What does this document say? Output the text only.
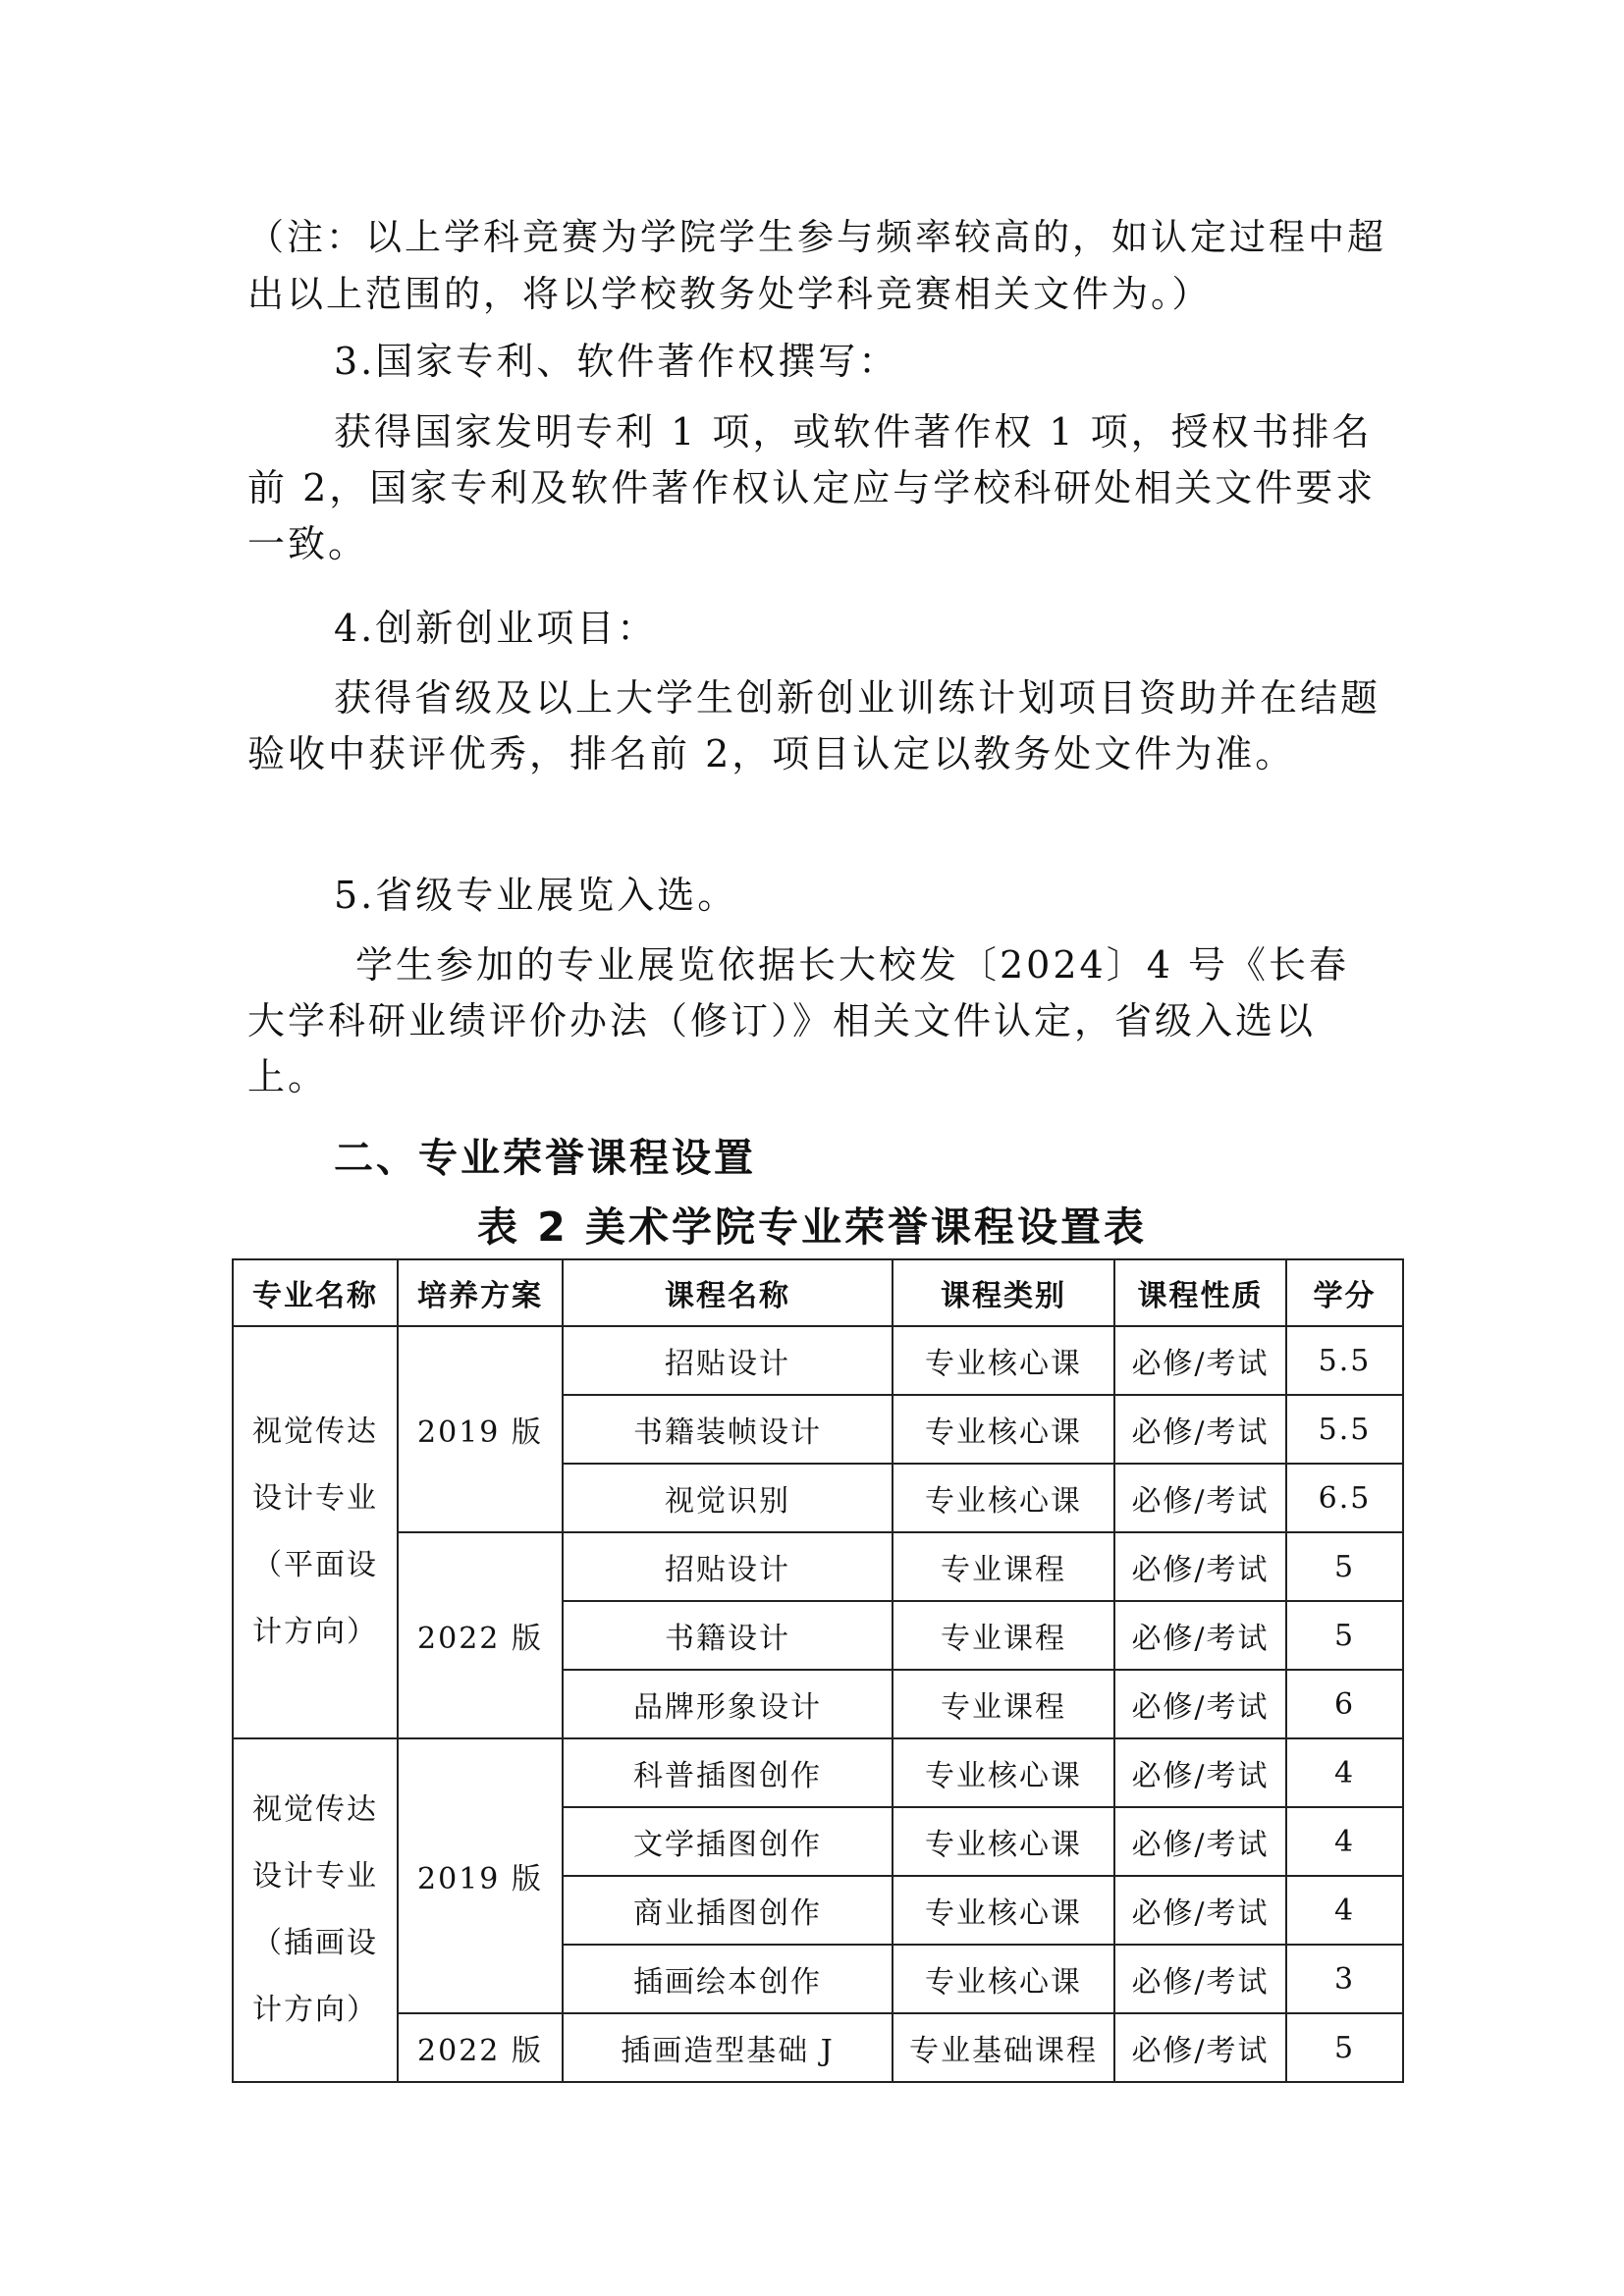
（注：以上学科竞赛为学院学生参与频率较高的，如认定过程中超出以上范围的，将以学校教务处学科竞赛相关文件为。）

3.国家专利、软件著作权撰写：

获得国家发明专利 1 项，或软件著作权 1 项，授权书排名前 2，国家专利及软件著作权认定应与学校科研处相关文件要求一致。

4.创新创业项目：

获得省级及以上大学生创新创业训练计划项目资助并在结题验收中获评优秀，排名前 2，项目认定以教务处文件为准。

5.省级专业展览入选。

学生参加的专业展览依据长大校发〔2024〕4 号《长春大学科研业绩评价办法（修订）》相关文件认定，省级入选以上。

二、专业荣誉课程设置
表 2 美术学院专业荣誉课程设置表
专业名称	培养方案	课程名称	课程类别	课程性质	学分

视觉传达
设计专业
（平面设
计方向）	2019 版	招贴设计	专业核心课	必修/考试	5.5
		书籍装帧设计	专业核心课	必修/考试	5.5
		视觉识别	专业核心课	必修/考试	6.5
	2022 版	招贴设计	专业课程	必修/考试	5
		书籍设计	专业课程	必修/考试	5
		品牌形象设计	专业课程	必修/考试	6

视觉传达
设计专业
（插画设
计方向）	2019 版	科普插图创作	专业核心课	必修/考试	4
		文学插图创作	专业核心课	必修/考试	4
		商业插图创作	专业核心课	必修/考试	4
		插画绘本创作	专业核心课	必修/考试	3
	2022 版	插画造型基础 J	专业基础课程	必修/考试	5
